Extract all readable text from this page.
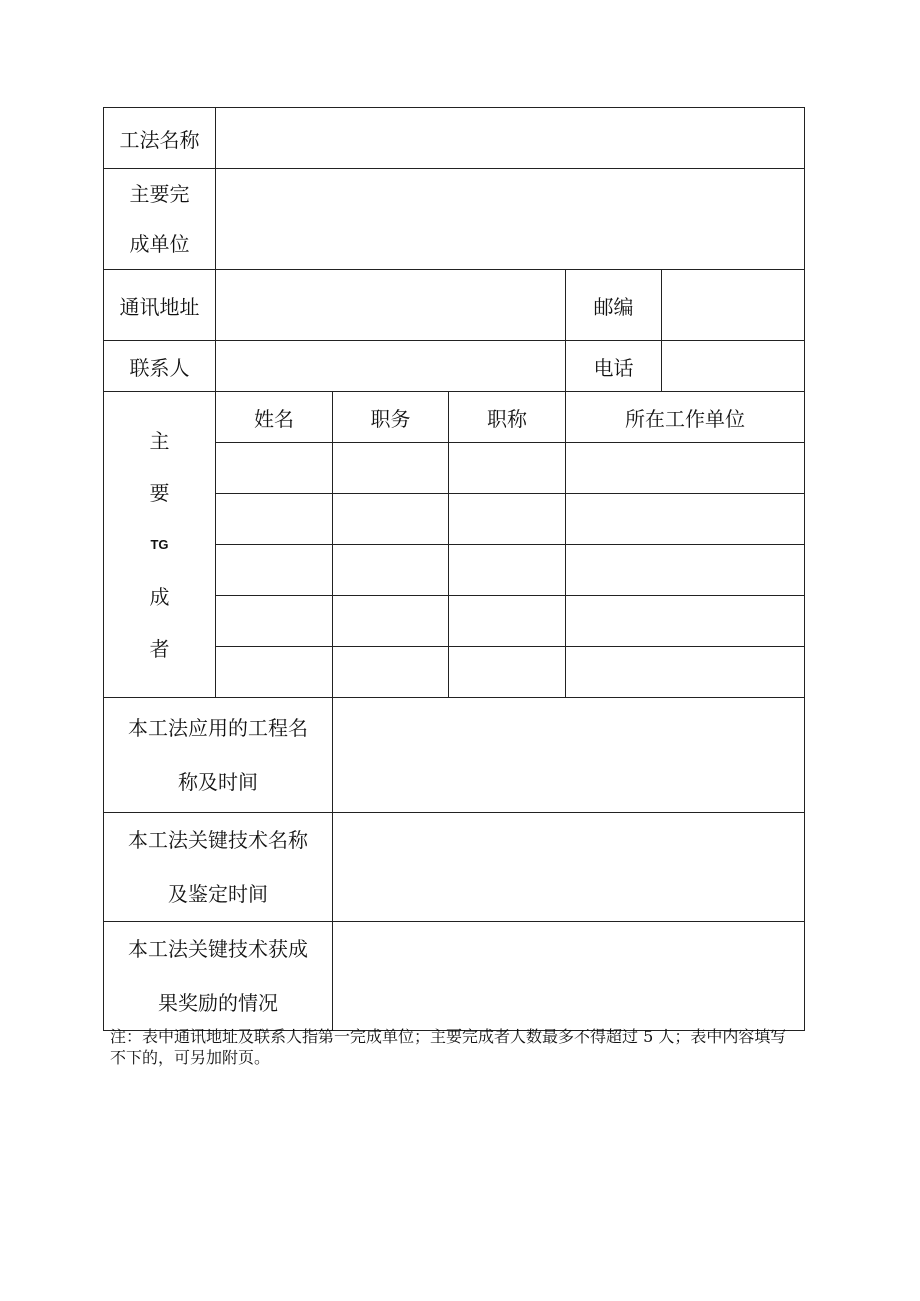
工法名称					

主要完
成单位					

通讯地址				邮编	
联系人				电话	

主
要
TG
成
者	姓名	职务	职称	所在工作单位	

本工法应用的工程名
称及时间					

本工法关键技术名称
及鉴定时间					

本工法关键技术获成
果奖励的情况					

注：表中通讯地址及联系人指第一完成单位；主要完成者人数最多不得超过 5 人；表中内容填写不下的，可另加附页。
